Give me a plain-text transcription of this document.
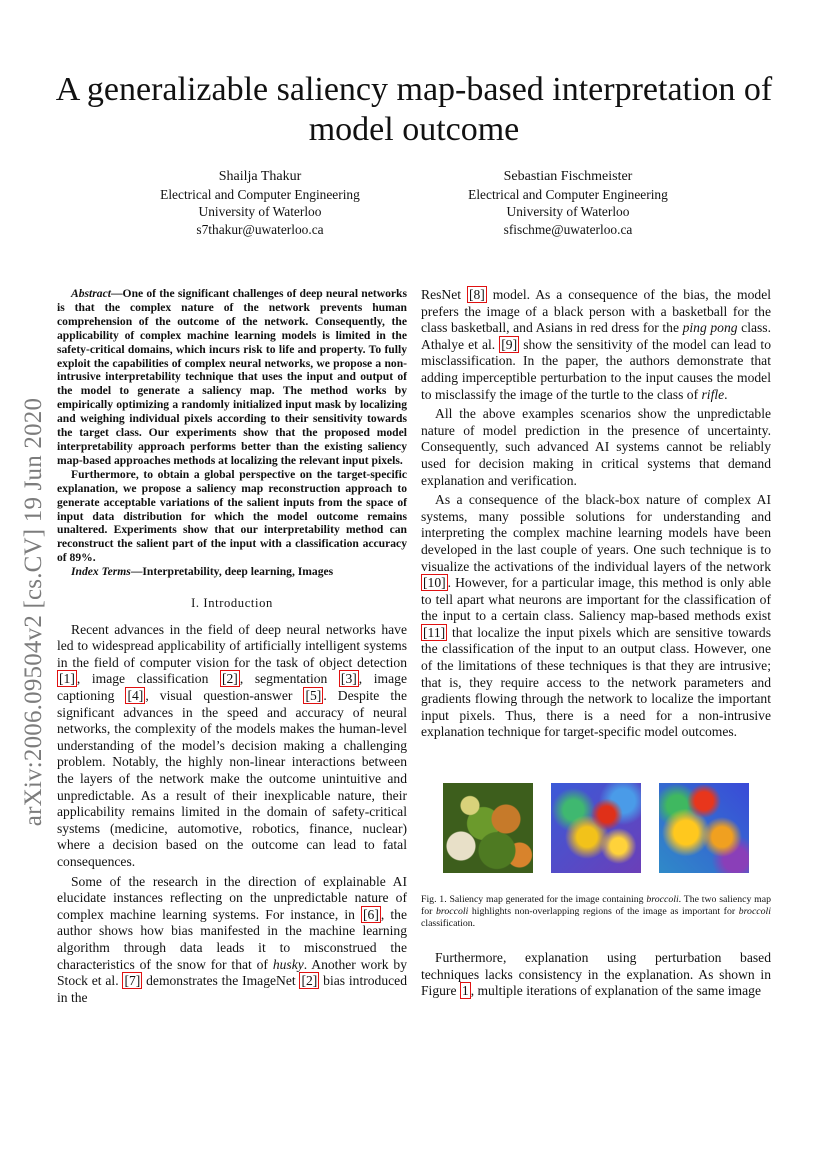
A generalizable saliency map-based interpretation of model outcome
Shailja Thakur
Electrical and Computer Engineering
University of Waterloo
s7thakur@uwaterloo.ca
Sebastian Fischmeister
Electrical and Computer Engineering
University of Waterloo
sfischme@uwaterloo.ca
arXiv:2006.09504v2 [cs.CV] 19 Jun 2020

Abstract—One of the significant challenges of deep neural networks is that the complex nature of the network prevents human comprehension of the outcome of the network. Consequently, the applicability of complex machine learning models is limited in the safety-critical domains, which incurs risk to life and property. To fully exploit the capabilities of complex neural networks, we propose a non-intrusive interpretability technique that uses the input and output of the model to generate a saliency map. The method works by empirically optimizing a randomly initialized input mask by localizing and weighing individual pixels according to their sensitivity towards the target class. Our experiments show that the proposed model interpretability approach performs better than the existing saliency map-based approaches methods at localizing the relevant input pixels.

Furthermore, to obtain a global perspective on the target-specific explanation, we propose a saliency map reconstruction approach to generate acceptable variations of the salient inputs from the space of input data distribution for which the model outcome remains unaltered. Experiments show that our interpretability method can reconstruct the salient part of the input with a classification accuracy of 89%.

Index Terms—Interpretability, deep learning, Images

I. Introduction

Recent advances in the field of deep neural networks have led to widespread applicability of artificially intelligent systems in the field of computer vision for the task of object detection [1] , image classification [2] , segmentation [3] , image captioning [4] , visual question-answer [5] . Despite the significant advances in the speed and accuracy of neural networks, the complexity of the models makes the human-level understanding of the model’s decision making a challenging problem. Notably, the highly non-linear interactions between the layers of the network make the outcome unintuitive and unpredictable. As a result of their inexplicable nature, their applicability remains limited in the domain of safety-critical systems (medicine, automotive, robotics, finance, nuclear) where a decision based on the outcome can lead to fatal consequences.

Some of the research in the direction of explainable AI elucidate instances reflecting on the unpredictable nature of complex machine learning systems. For instance, in [6] , the author shows how bias manifested in the machine learning algorithm through data leads it to misconstrued the characteristics of the snow for that of husky. Another work by Stock et al. [7] demonstrates the ImageNet [2] bias introduced in the

ResNet [8] model. As a consequence of the bias, the model prefers the image of a black person with a basketball for the class basketball, and Asians in red dress for the ping pong class. Athalye et al. [9] show the sensitivity of the model can lead to misclassification. In the paper, the authors demonstrate that adding imperceptible perturbation to the input causes the model to misclassify the image of the turtle to the class of rifle.

All the above examples scenarios show the unpredictable nature of model prediction in the presence of uncertainty. Consequently, such advanced AI systems cannot be reliably used for decision making in critical systems that demand explanation and verification.

As a consequence of the black-box nature of complex AI systems, many possible solutions for understanding and interpreting the complex machine learning models have been developed in the last couple of years. One such technique is to visualize the activations of the individual layers of the network [10] . However, for a particular image, this method is only able to tell apart what neurons are important for the classification of the input to a certain class. Saliency map-based methods exist [11] that localize the input pixels which are sensitive towards the classification of the input to an output class. However, one of the limitations of these techniques is that they are intrusive; that is, they require access to the network parameters and gradients flowing through the network to localize the important input pixels. Thus, there is a need for a non-intrusive explanation technique for target-specific model outcomes.

Fig. 1. Saliency map generated for the image containing broccoli. The two saliency map for broccoli highlights non-overlapping regions of the image as important for broccoli classification.

Furthermore, explanation using perturbation based techniques lacks consistency in the explanation. As shown in Figure 1 , multiple iterations of explanation of the same image
